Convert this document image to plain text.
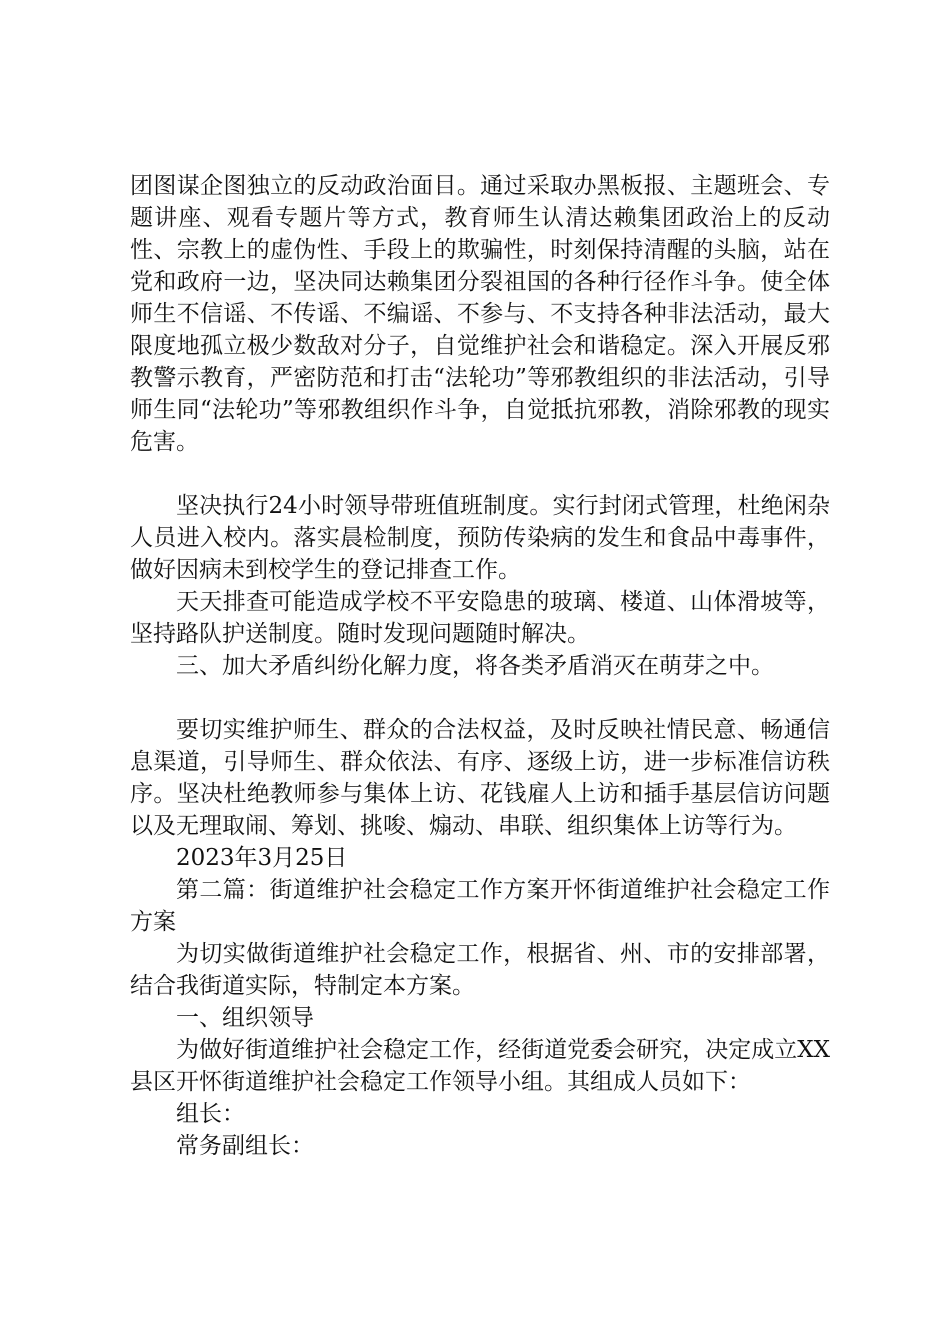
团图谋企图独立的反动政治面目。通过采取办黑板报、主题班会、专题讲座、观看专题片等方式，教育师生认清达赖集团政治上的反动性、宗教上的虚伪性、手段上的欺骗性，时刻保持清醒的头脑，站在党和政府一边，坚决同达赖集团分裂祖国的各种行径作斗争。使全体师生不信谣、不传谣、不编谣、不参与、不支持各种非法活动，最大限度地孤立极少数敌对分子，自觉维护社会和谐稳定。深入开展反邪教警示教育，严密防范和打击“法轮功”等邪教组织的非法活动，引导师生同“法轮功”等邪教组织作斗争，自觉抵抗邪教，消除邪教的现实危害。

坚决执行24小时领导带班值班制度。实行封闭式管理，杜绝闲杂人员进入校内。落实晨检制度，预防传染病的发生和食品中毒事件，做好因病未到校学生的登记排查工作。

天天排查可能造成学校不平安隐患的玻璃、楼道、山体滑坡等，坚持路队护送制度。随时发现问题随时解决。

三、加大矛盾纠纷化解力度，将各类矛盾消灭在萌芽之中。

要切实维护师生、群众的合法权益，及时反映社情民意、畅通信息渠道，引导师生、群众依法、有序、逐级上访，进一步标准信访秩序。坚决杜绝教师参与集体上访、花钱雇人上访和插手基层信访问题以及无理取闹、筹划、挑唆、煽动、串联、组织集体上访等行为。

2023年3月25日

第二篇：街道维护社会稳定工作方案开怀街道维护社会稳定工作方案

为切实做街道维护社会稳定工作，根据省、州、市的安排部署，结合我街道实际，特制定本方案。

一、组织领导

为做好街道维护社会稳定工作，经街道党委会研究，决定成立XX县区开怀街道维护社会稳定工作领导小组。其组成人员如下：

组长：

常务副组长：
